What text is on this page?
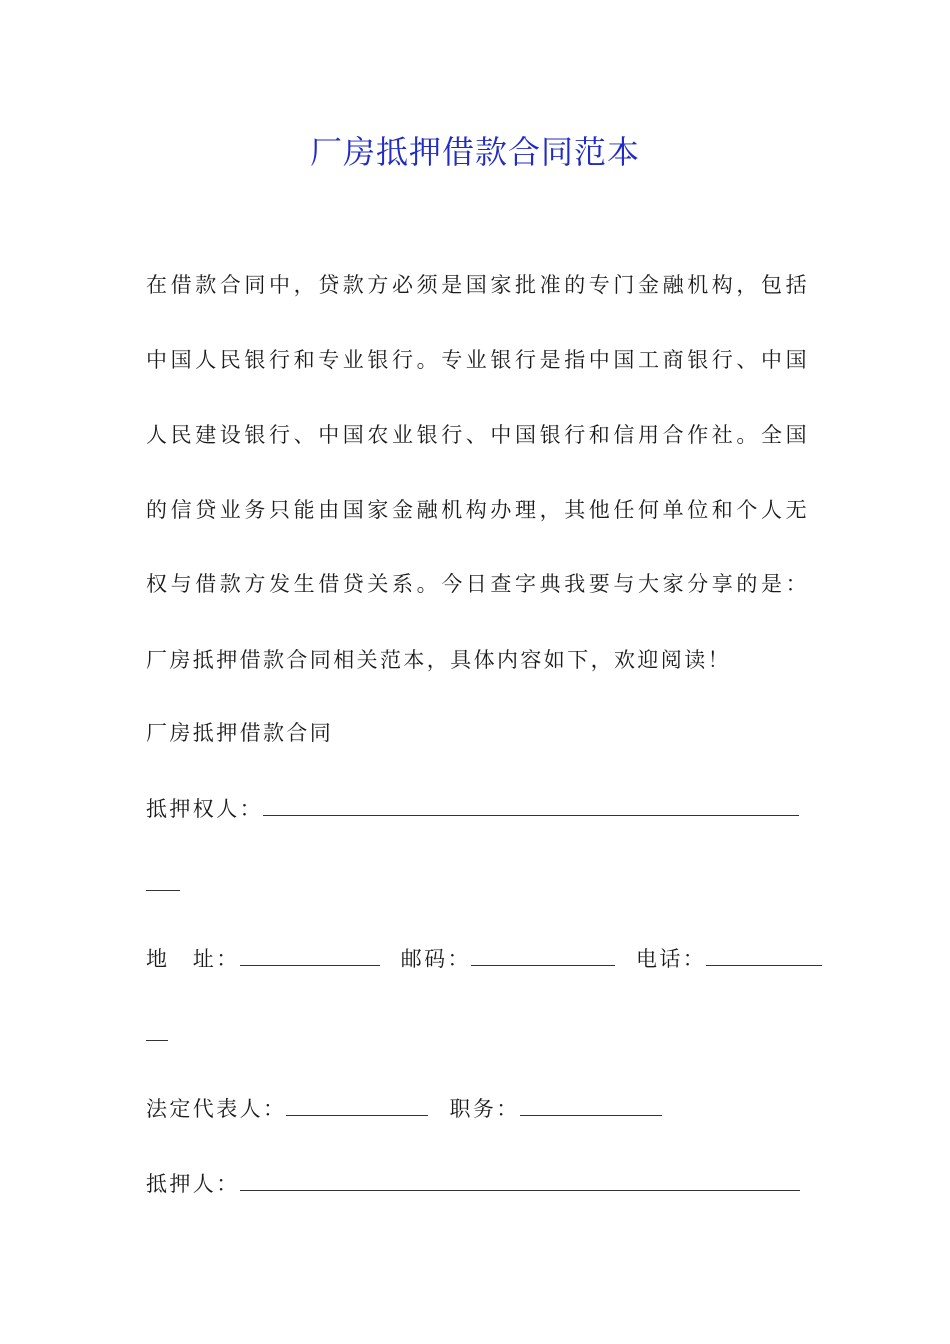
厂房抵押借款合同范本
在借款合同中，贷款方必须是国家批准的专门金融机构，包括
中国人民银行和专业银行。专业银行是指中国工商银行、中国
人民建设银行、中国农业银行、中国银行和信用合作社。全国
的信贷业务只能由国家金融机构办理，其他任何单位和个人无
权与借款方发生借贷关系。今日查字典我要与大家分享的是：
厂房抵押借款合同相关范本，具体内容如下，欢迎阅读！
厂房抵押借款合同
抵押权人：
地　址：	邮码：	电话：
法定代表人：	职务：
抵押人：
